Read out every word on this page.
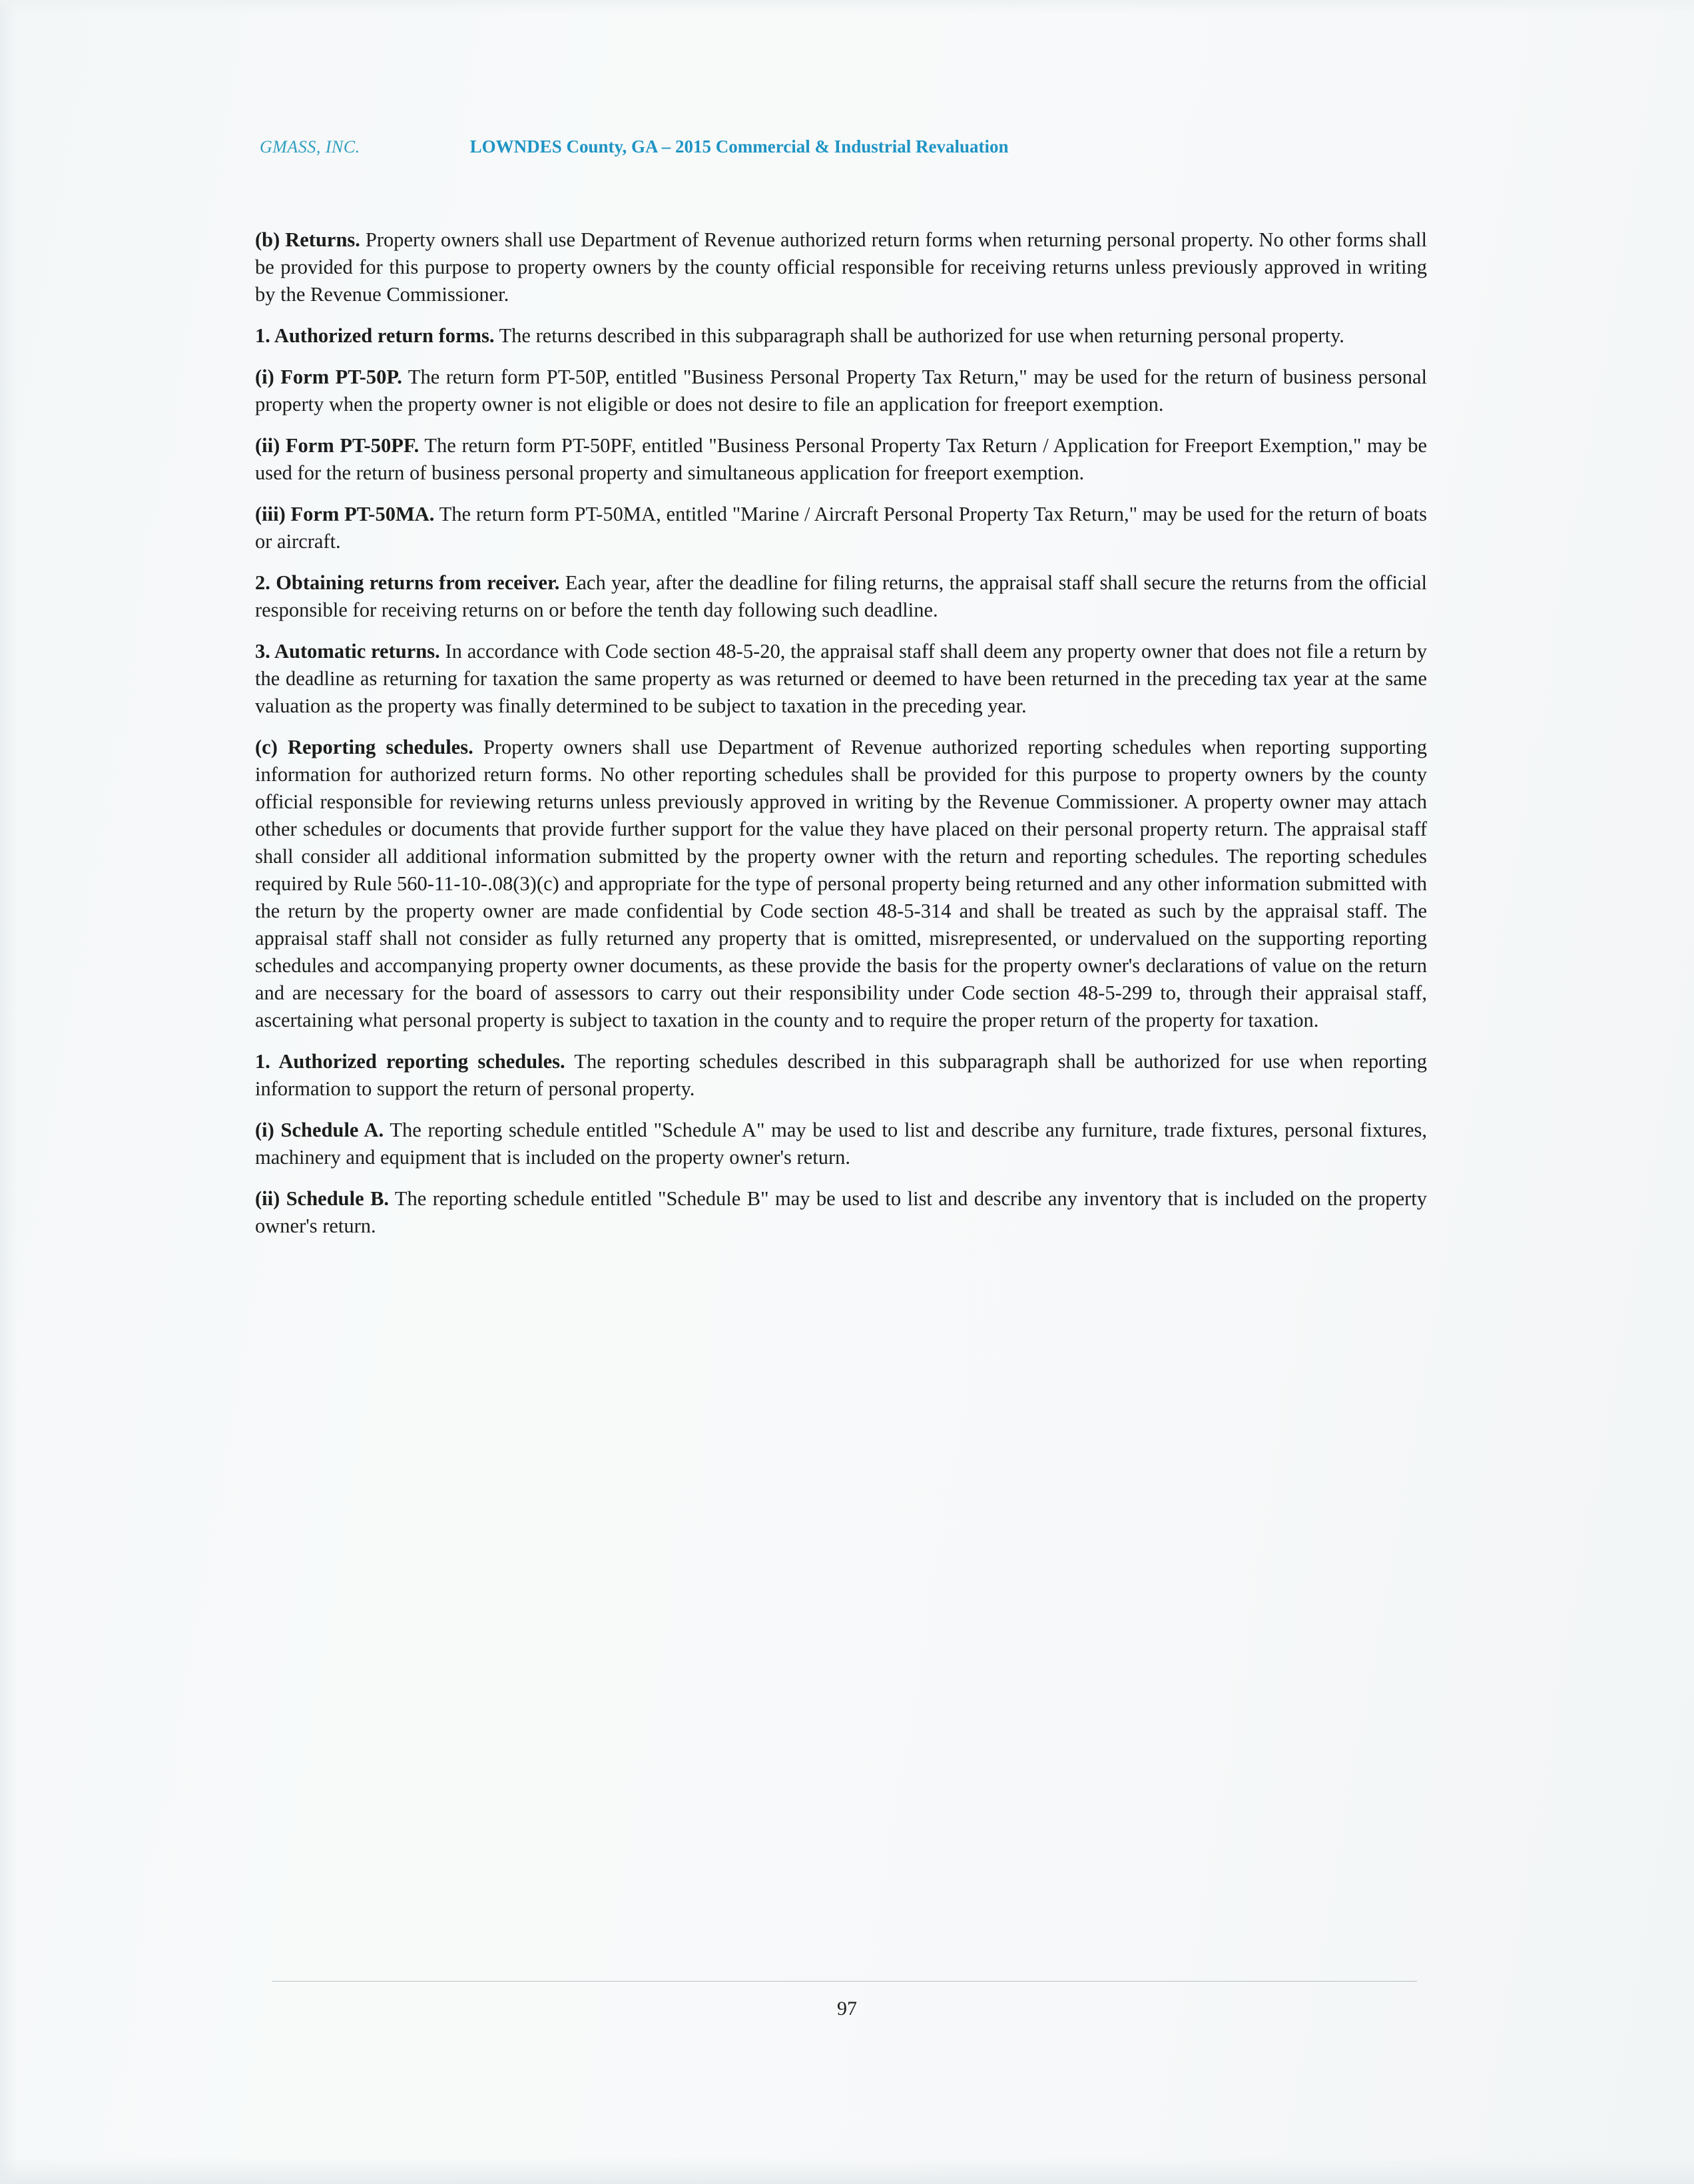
GMASS, INC.	LOWNDES County, GA – 2015 Commercial & Industrial Revaluation

(b) Returns. Property owners shall use Department of Revenue authorized return forms when returning personal property. No other forms shall be provided for this purpose to property owners by the county official responsible for receiving returns unless previously approved in writing by the Revenue Commissioner.

1. Authorized return forms. The returns described in this subparagraph shall be authorized for use when returning personal property.

(i) Form PT-50P. The return form PT-50P, entitled "Business Personal Property Tax Return," may be used for the return of business personal property when the property owner is not eligible or does not desire to file an application for freeport exemption.

(ii) Form PT-50PF. The return form PT-50PF, entitled "Business Personal Property Tax Return / Application for Freeport Exemption," may be used for the return of business personal property and simultaneous application for freeport exemption.

(iii) Form PT-50MA. The return form PT-50MA, entitled "Marine / Aircraft Personal Property Tax Return," may be used for the return of boats or aircraft.

2. Obtaining returns from receiver. Each year, after the deadline for filing returns, the appraisal staff shall secure the returns from the official responsible for receiving returns on or before the tenth day following such deadline.

3. Automatic returns. In accordance with Code section 48-5-20, the appraisal staff shall deem any property owner that does not file a return by the deadline as returning for taxation the same property as was returned or deemed to have been returned in the preceding tax year at the same valuation as the property was finally determined to be subject to taxation in the preceding year.

(c) Reporting schedules. Property owners shall use Department of Revenue authorized reporting schedules when reporting supporting information for authorized return forms. No other reporting schedules shall be provided for this purpose to property owners by the county official responsible for reviewing returns unless previously approved in writing by the Revenue Commissioner. A property owner may attach other schedules or documents that provide further support for the value they have placed on their personal property return. The appraisal staff shall consider all additional information submitted by the property owner with the return and reporting schedules. The reporting schedules required by Rule 560-11-10-.08(3)(c) and appropriate for the type of personal property being returned and any other information submitted with the return by the property owner are made confidential by Code section 48-5-314 and shall be treated as such by the appraisal staff. The appraisal staff shall not consider as fully returned any property that is omitted, misrepresented, or undervalued on the supporting reporting schedules and accompanying property owner documents, as these provide the basis for the property owner's declarations of value on the return and are necessary for the board of assessors to carry out their responsibility under Code section 48-5-299 to, through their appraisal staff, ascertaining what personal property is subject to taxation in the county and to require the proper return of the property for taxation.

1. Authorized reporting schedules. The reporting schedules described in this subparagraph shall be authorized for use when reporting information to support the return of personal property.

(i) Schedule A. The reporting schedule entitled "Schedule A" may be used to list and describe any furniture, trade fixtures, personal fixtures, machinery and equipment that is included on the property owner's return.

(ii) Schedule B. The reporting schedule entitled "Schedule B" may be used to list and describe any inventory that is included on the property owner's return.

97
